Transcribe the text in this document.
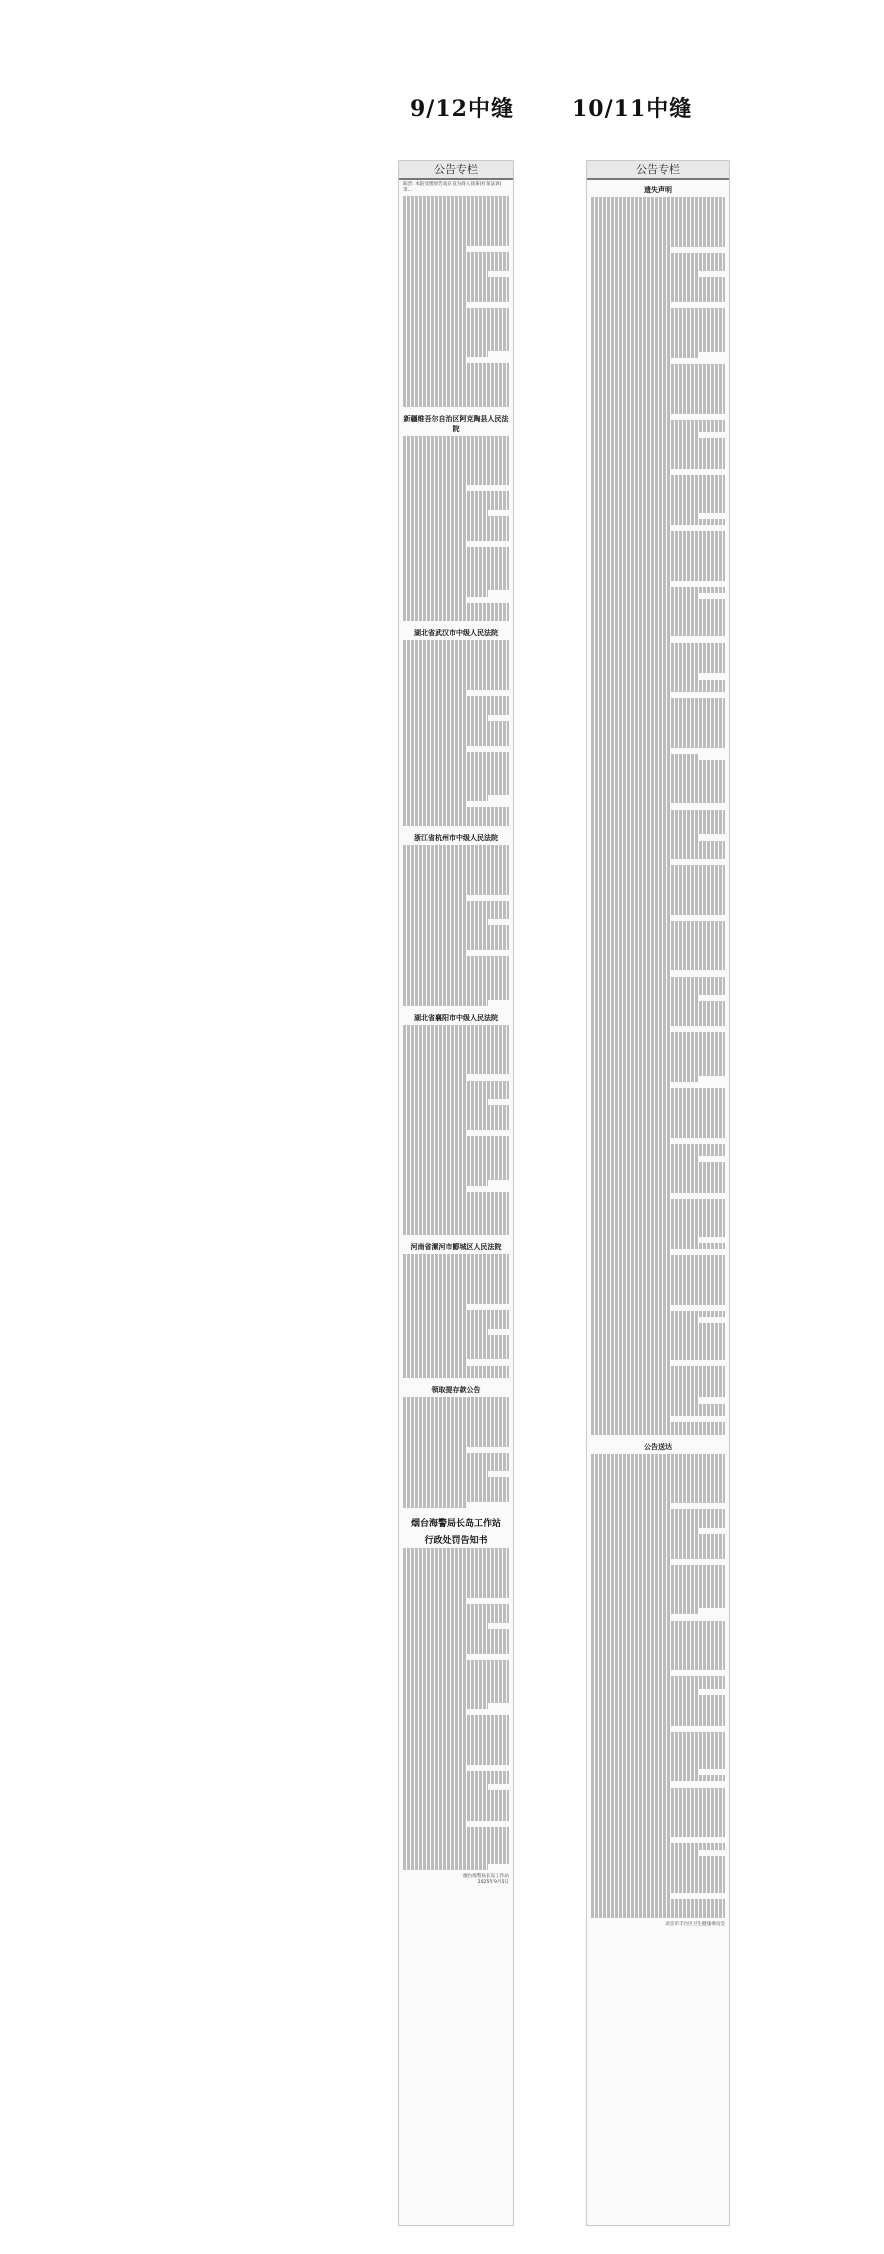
9/12中缝	10/11中缝
公告专栏
陆晋: 本院受理原告南京良为商人徐某(杜某法诉)等...
新疆维吾尔自治区阿克陶县人民法院
湖北省武汉市中级人民法院
浙江省杭州市中级人民法院
湖北省襄阳市中级人民法院
河南省漯河市郾城区人民法院
领取提存款公告
烟台海警局长岛工作站
行政处罚告知书
烟台海警局长岛工作站
2025年9月5日
公告专栏
遗失声明
公告送达
北京市丰台区卫生健康委员会
